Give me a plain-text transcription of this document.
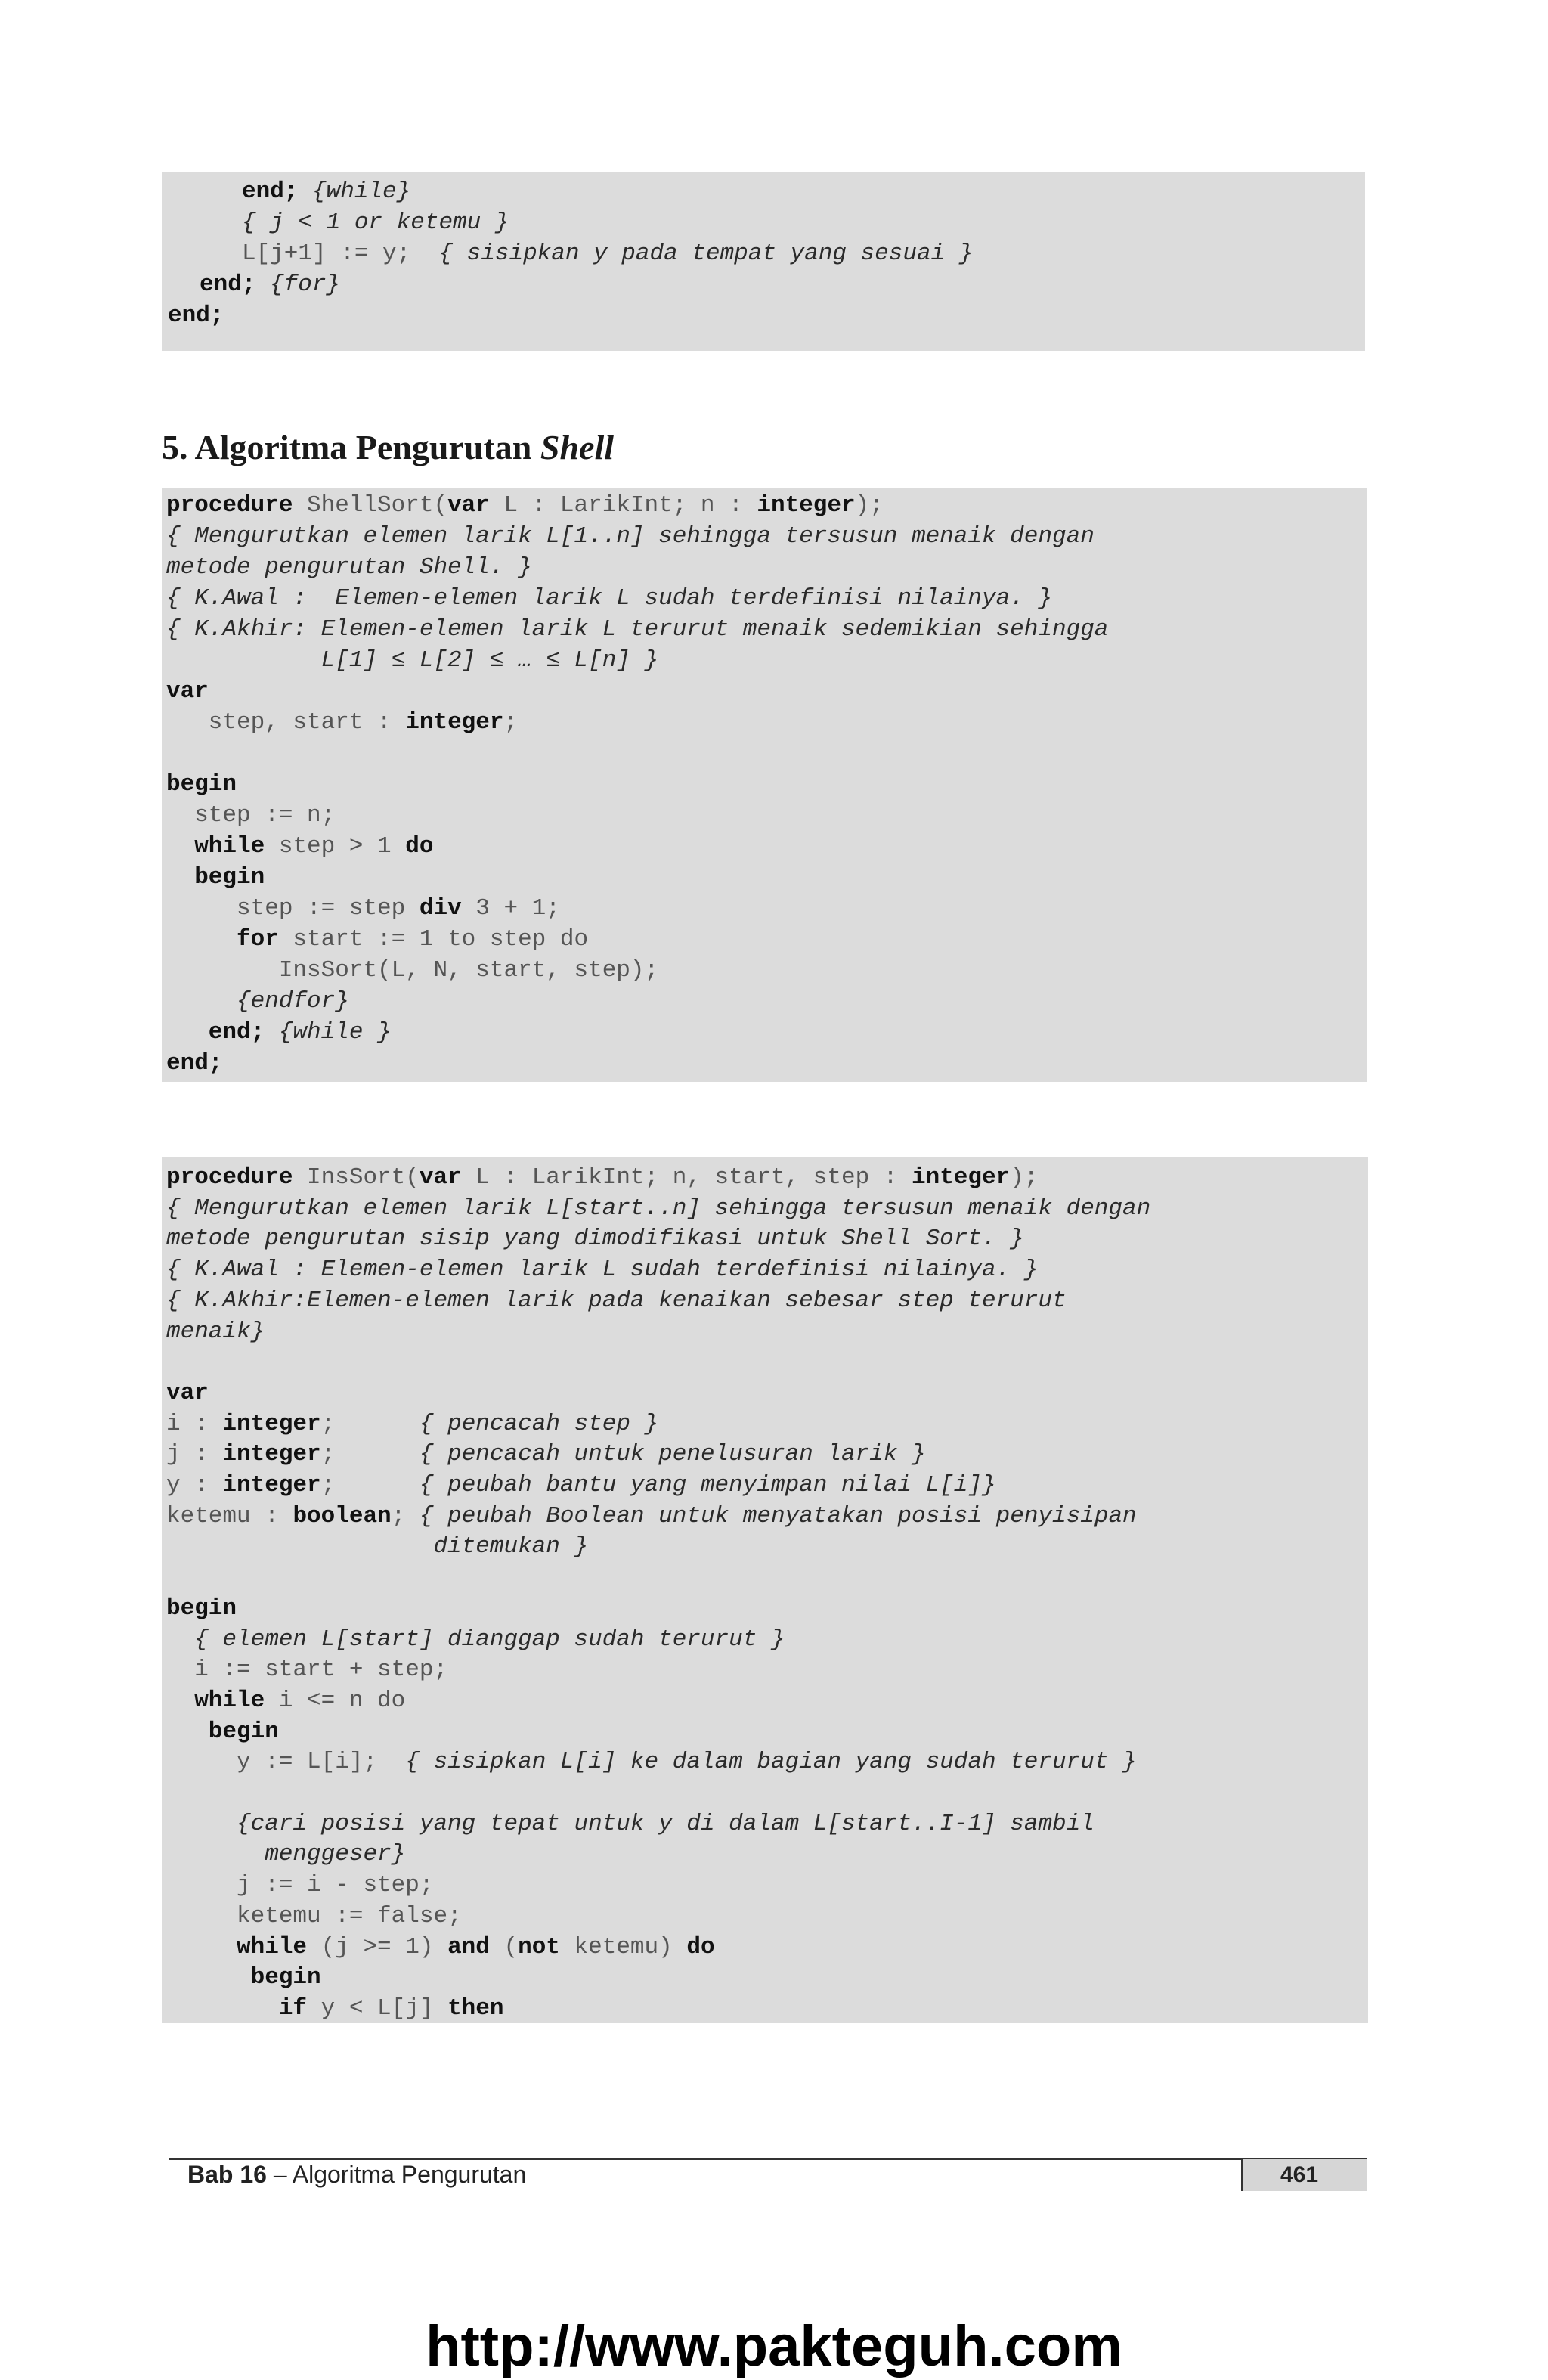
end; {while}
{ j < 1 or ketemu }
L[j+1] := y;  { sisipkan y pada tempat yang sesuai }
end; {for}
end;
5. Algoritma Pengurutan Shell
procedure ShellSort(var L : LarikInt; n : integer);
{ Mengurutkan elemen larik L[1..n] sehingga tersusun menaik dengan
metode pengurutan Shell. }
{ K.Awal :  Elemen-elemen larik L sudah terdefinisi nilainya. }
{ K.Akhir: Elemen-elemen larik L terurut menaik sedemikian sehingga
L[1] ≤ L[2] ≤ … ≤ L[n] }
var
step, start : integer;
begin
step := n;
while step > 1 do
begin
step := step div 3 + 1;
for start := 1 to step do
InsSort(L, N, start, step);
{endfor}
end; {while }
end;
procedure InsSort(var L : LarikInt; n, start, step : integer);
{ Mengurutkan elemen larik L[start..n] sehingga tersusun menaik dengan
metode pengurutan sisip yang dimodifikasi untuk Shell Sort. }
{ K.Awal : Elemen-elemen larik L sudah terdefinisi nilainya. }
{ K.Akhir:Elemen-elemen larik pada kenaikan sebesar step terurut
menaik}
var
i : integer;      { pencacah step }
j : integer;      { pencacah untuk penelusuran larik }
y : integer;      { peubah bantu yang menyimpan nilai L[i]}
ketemu : boolean; { peubah Boolean untuk menyatakan posisi penyisipan
ditemukan }
begin
{ elemen L[start] dianggap sudah terurut }
i := start + step;
while i <= n do
begin
y := L[i];  { sisipkan L[i] ke dalam bagian yang sudah terurut }
{cari posisi yang tepat untuk y di dalam L[start..I-1] sambil
menggeser}
j := i - step;
ketemu := false;
while (j >= 1) and (not ketemu) do
begin
if y < L[j] then
Bab 16 – Algoritma Pengurutan	461
http://www.pakteguh.com
